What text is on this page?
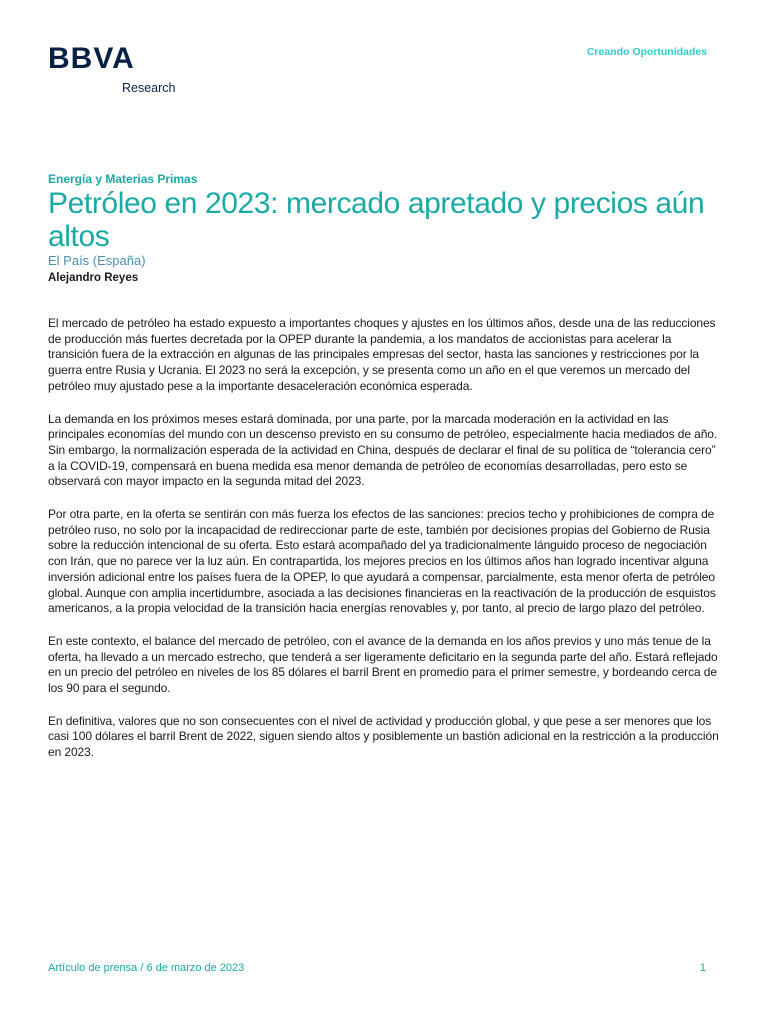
BBVA
Research
Creando Oportunidades
Energía y Materias Primas
Petróleo en 2023: mercado apretado y precios aún altos
El País (España)
Alejandro Reyes

El mercado de petróleo ha estado expuesto a importantes choques y ajustes en los últimos años, desde una de las reducciones de producción más fuertes decretada por la OPEP durante la pandemia, a los mandatos de accionistas para acelerar la transición fuera de la extracción en algunas de las principales empresas del sector, hasta las sanciones y restricciones por la guerra entre Rusia y Ucrania. El 2023 no será la excepción, y se presenta como un año en el que veremos un mercado del petróleo muy ajustado pese a la importante desaceleración económica esperada.

La demanda en los próximos meses estará dominada, por una parte, por la marcada moderación en la actividad en las principales economías del mundo con un descenso previsto en su consumo de petróleo, especialmente hacia mediados de año. Sin embargo, la normalización esperada de la actividad en China, después de declarar el final de su política de “tolerancia cero” a la COVID-19, compensará en buena medida esa menor demanda de petróleo de economías desarrolladas, pero esto se observará con mayor impacto en la segunda mitad del 2023.

Por otra parte, en la oferta se sentirán con más fuerza los efectos de las sanciones: precios techo y prohibiciones de compra de petróleo ruso, no solo por la incapacidad de redireccionar parte de este, también por decisiones propias del Gobierno de Rusia sobre la reducción intencional de su oferta. Esto estará acompañado del ya tradicionalmente lánguido proceso de negociación con Irán, que no parece ver la luz aún. En contrapartida, los mejores precios en los últimos años han logrado incentivar alguna inversión adicional entre los países fuera de la OPEP, lo que ayudará a compensar, parcialmente, esta menor oferta de petróleo global. Aunque con amplia incertidumbre, asociada a las decisiones financieras en la reactivación de la producción de esquistos americanos, a la propia velocidad de la transición hacia energías renovables y, por tanto, al precio de largo plazo del petróleo.

En este contexto, el balance del mercado de petróleo, con el avance de la demanda en los años previos y uno más tenue de la oferta, ha llevado a un mercado estrecho, que tenderá a ser ligeramente deficitario en la segunda parte del año. Estará reflejado en un precio del petróleo en niveles de los 85 dólares el barril Brent en promedio para el primer semestre, y bordeando cerca de los 90 para el segundo.

En definitiva, valores que no son consecuentes con el nivel de actividad y producción global, y que pese a ser menores que los casi 100 dólares el barril Brent de 2022, siguen siendo altos y posiblemente un bastión adicional en la restricción a la producción en 2023.

Artículo de prensa / 6 de marzo de 2023	1
